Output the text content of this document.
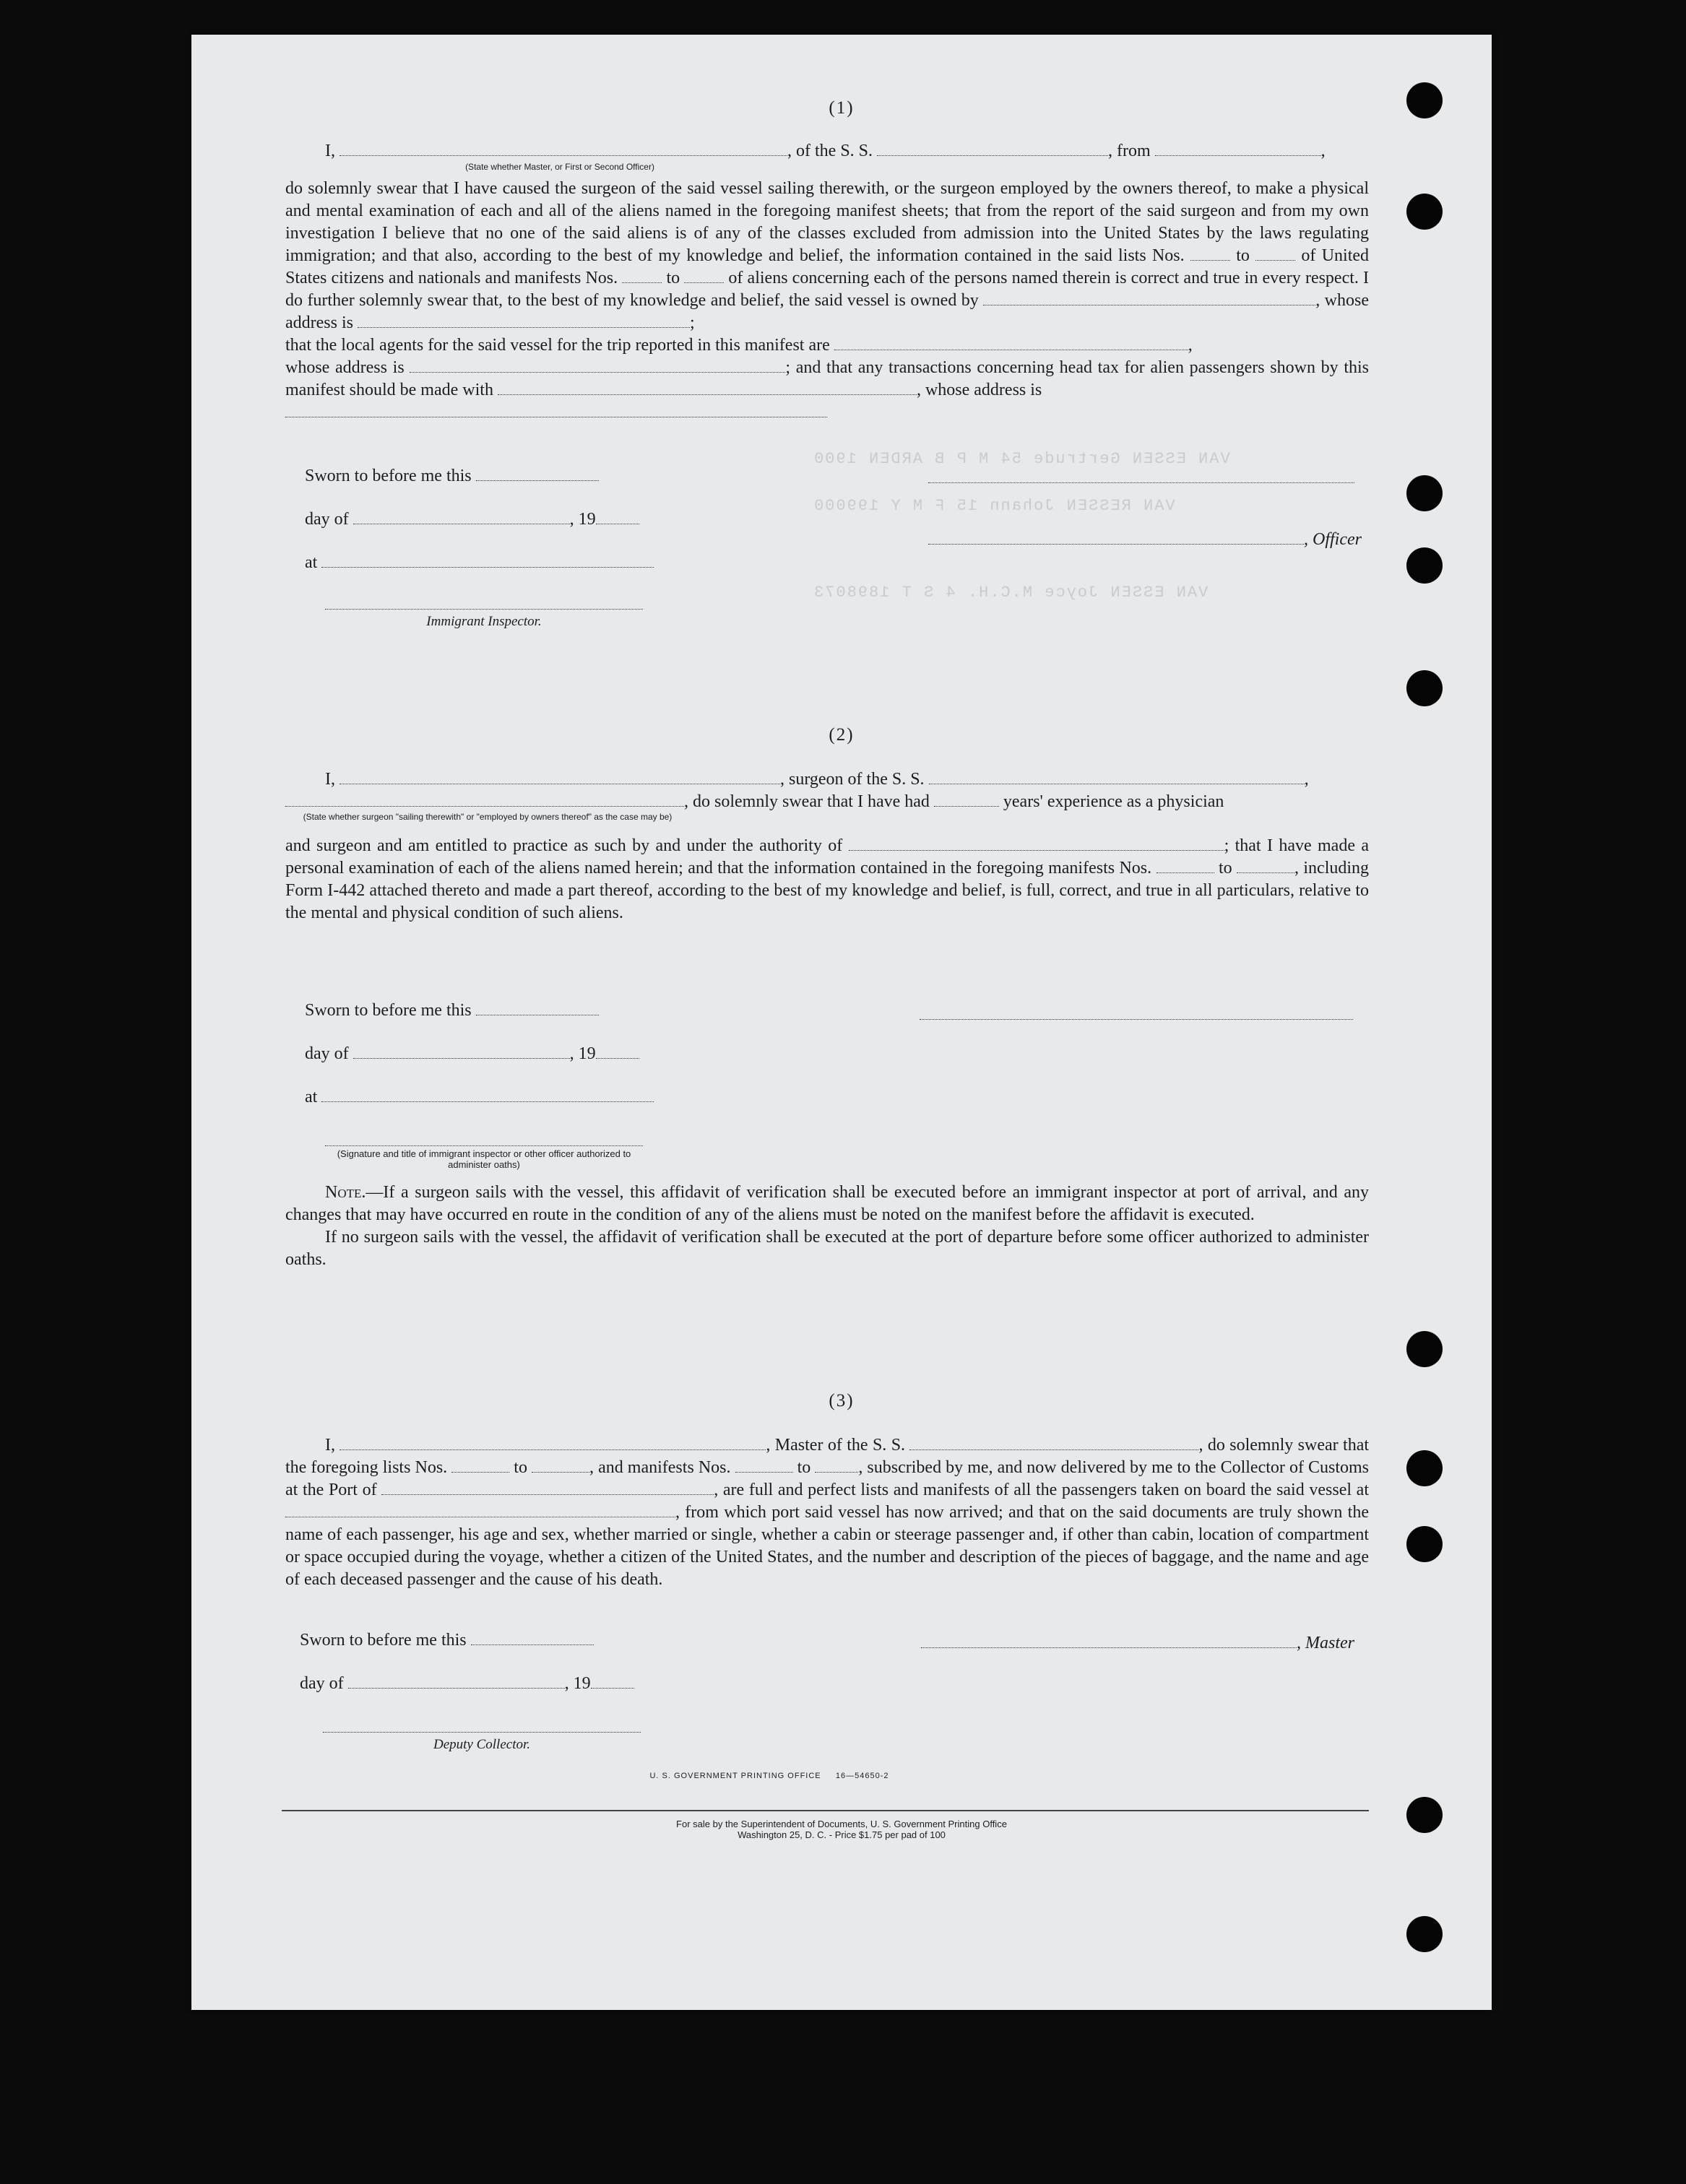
VAN ESSEN Gertrude 54 M P B ARDEN 1900
VAN RESSEN Johann 15 F M Y 199000
VAN ESSEN Joyce M.C.H. 4 S T 1898073
(1)
I,	, of the S. S.	, from	,
(State whether Master, or First or Second Officer)

do solemnly swear that I have caused the surgeon of the said vessel sailing therewith, or the surgeon employed by the owners thereof, to make a physical and mental examination of each and all of the aliens named in the foregoing manifest sheets; that from the report of the said surgeon and from my own investigation I believe that no one of the said aliens is of any of the classes excluded from admission into the United States by the laws regulating immigration; and that also, according to the best of my knowledge and belief, the information contained in the said lists Nos.	to	of United States citizens and nationals and manifests Nos.	to	of aliens concerning each of the persons named therein is correct and true in every respect. I do further solemnly swear that, to the best of my knowledge and belief, the said vessel is owned by	, whose address is	;

that the local agents for the said vessel for the trip reported in this manifest are	,

whose address is	; and that any transactions concerning head tax for alien passengers shown by this manifest should be made with	, whose address is

Sworn to before me this
day of	, 19
, Officer
at
Immigrant Inspector.
(2)
I,	, surgeon of the S. S.	,
, do solemnly swear that I have had	years' experience as a physician
(State whether surgeon "sailing therewith" or "employed by owners thereof" as the case may be)

and surgeon and am entitled to practice as such by and under the authority of	; that I have made a personal examination of each of the aliens named herein; and that the information contained in the foregoing manifests Nos.	to	, including Form I-442 attached thereto and made a part thereof, according to the best of my knowledge and belief, is full, correct, and true in all particulars, relative to the mental and physical condition of such aliens.

Sworn to before me this
day of	, 19
at
(Signature and title of immigrant inspector or other officer authorized to administer oaths)

Note.—If a surgeon sails with the vessel, this affidavit of verification shall be executed before an immigrant inspector at port of arrival, and any changes that may have occurred en route in the condition of any of the aliens must be noted on the manifest before the affidavit is executed.

If no surgeon sails with the vessel, the affidavit of verification shall be executed at the port of departure before some officer authorized to administer oaths.

(3)

I,	, Master of the S. S.	, do solemnly swear that the foregoing lists Nos.	to	, and manifests Nos.	to	, subscribed by me, and now delivered by me to the Collector of Customs at the Port of	, are full and perfect lists and manifests of all the passengers taken on board the said vessel at , from which port said vessel has now arrived; and that on the said documents are truly shown the name of each passenger, his age and sex, whether married or single, whether a cabin or steerage passenger and, if other than cabin, location of compartment or space occupied during the voyage, whether a citizen of the United States, and the number and description of the pieces of baggage, and the name and age of each deceased passenger and the cause of his death.

Sworn to before me this	, Master
day of	, 19
Deputy Collector.
U. S. GOVERNMENT PRINTING OFFICE     16—54650-2
For sale by the Superintendent of Documents, U. S. Government Printing Office
Washington 25, D. C. - Price $1.75 per pad of 100
